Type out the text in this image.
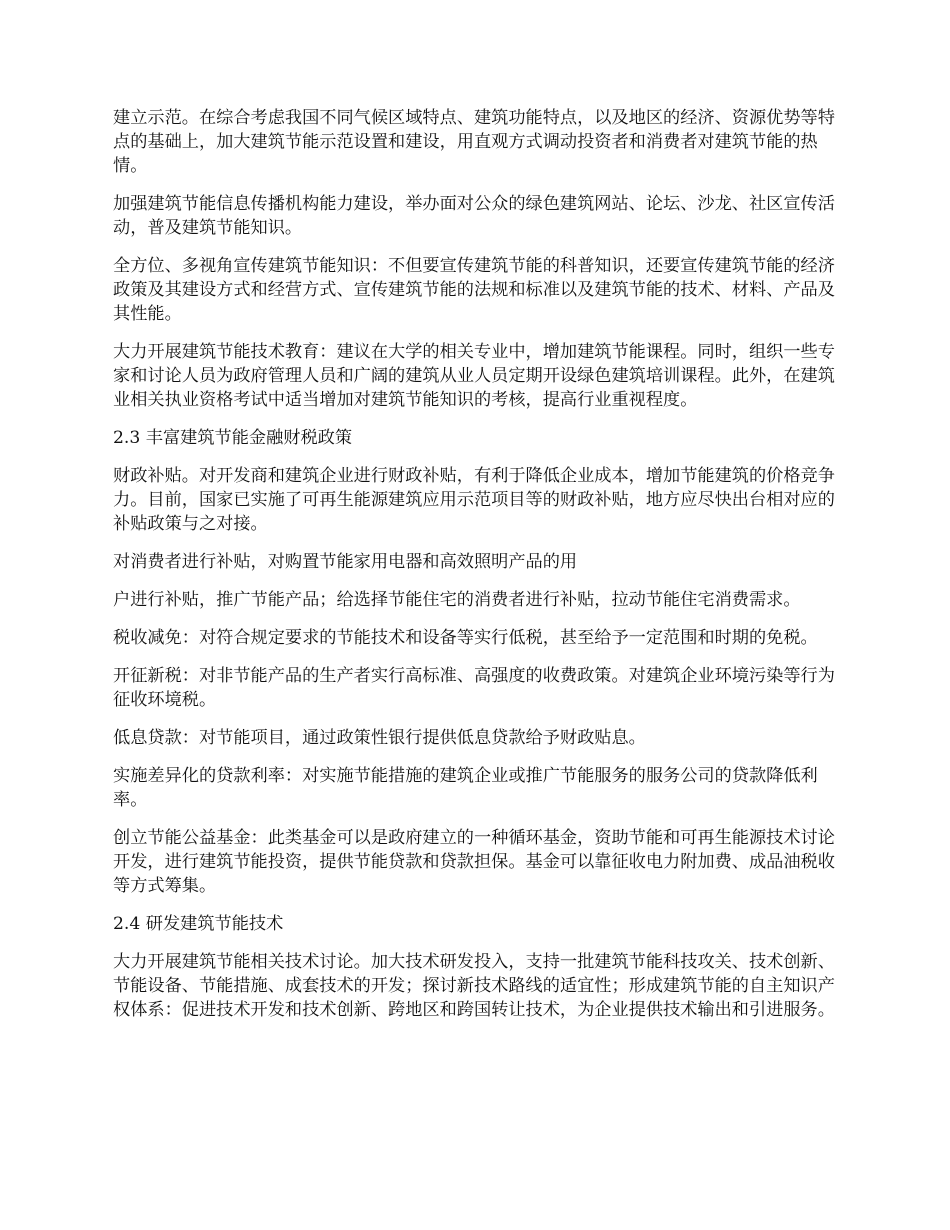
建立示范。在综合考虑我国不同气候区域特点、建筑功能特点，以及地区的经济、资源优势等特点的基础上，加大建筑节能示范设置和建设，用直观方式调动投资者和消费者对建筑节能的热情。

加强建筑节能信息传播机构能力建设，举办面对公众的绿色建筑网站、论坛、沙龙、社区宣传活动，普及建筑节能知识。

全方位、多视角宣传建筑节能知识：不但要宣传建筑节能的科普知识，还要宣传建筑节能的经济政策及其建设方式和经营方式、宣传建筑节能的法规和标准以及建筑节能的技术、材料、产品及其性能。

大力开展建筑节能技术教育：建议在大学的相关专业中，增加建筑节能课程。同时，组织一些专家和讨论人员为政府管理人员和广阔的建筑从业人员定期开设绿色建筑培训课程。此外，在建筑业相关执业资格考试中适当增加对建筑节能知识的考核，提高行业重视程度。

2.3 丰富建筑节能金融财税政策

财政补贴。对开发商和建筑企业进行财政补贴，有利于降低企业成本，增加节能建筑的价格竞争力。目前，国家已实施了可再生能源建筑应用示范项目等的财政补贴，地方应尽快出台相对应的补贴政策与之对接。

对消费者进行补贴，对购置节能家用电器和高效照明产品的用

户进行补贴，推广节能产品；给选择节能住宅的消费者进行补贴，拉动节能住宅消费需求。

税收减免：对符合规定要求的节能技术和设备等实行低税，甚至给予一定范围和时期的免税。

开征新税：对非节能产品的生产者实行高标准、高强度的收费政策。对建筑企业环境污染等行为征收环境税。

低息贷款：对节能项目，通过政策性银行提供低息贷款给予财政贴息。

实施差异化的贷款利率：对实施节能措施的建筑企业或推广节能服务的服务公司的贷款降低利率。

创立节能公益基金：此类基金可以是政府建立的一种循环基金，资助节能和可再生能源技术讨论开发，进行建筑节能投资，提供节能贷款和贷款担保。基金可以靠征收电力附加费、成品油税收等方式筹集。

2.4 研发建筑节能技术

大力开展建筑节能相关技术讨论。加大技术研发投入，支持一批建筑节能科技攻关、技术创新、节能设备、节能措施、成套技术的开发；探讨新技术路线的适宜性；形成建筑节能的自主知识产权体系：促进技术开发和技术创新、跨地区和跨国转让技术，为企业提供技术输出和引进服务。
